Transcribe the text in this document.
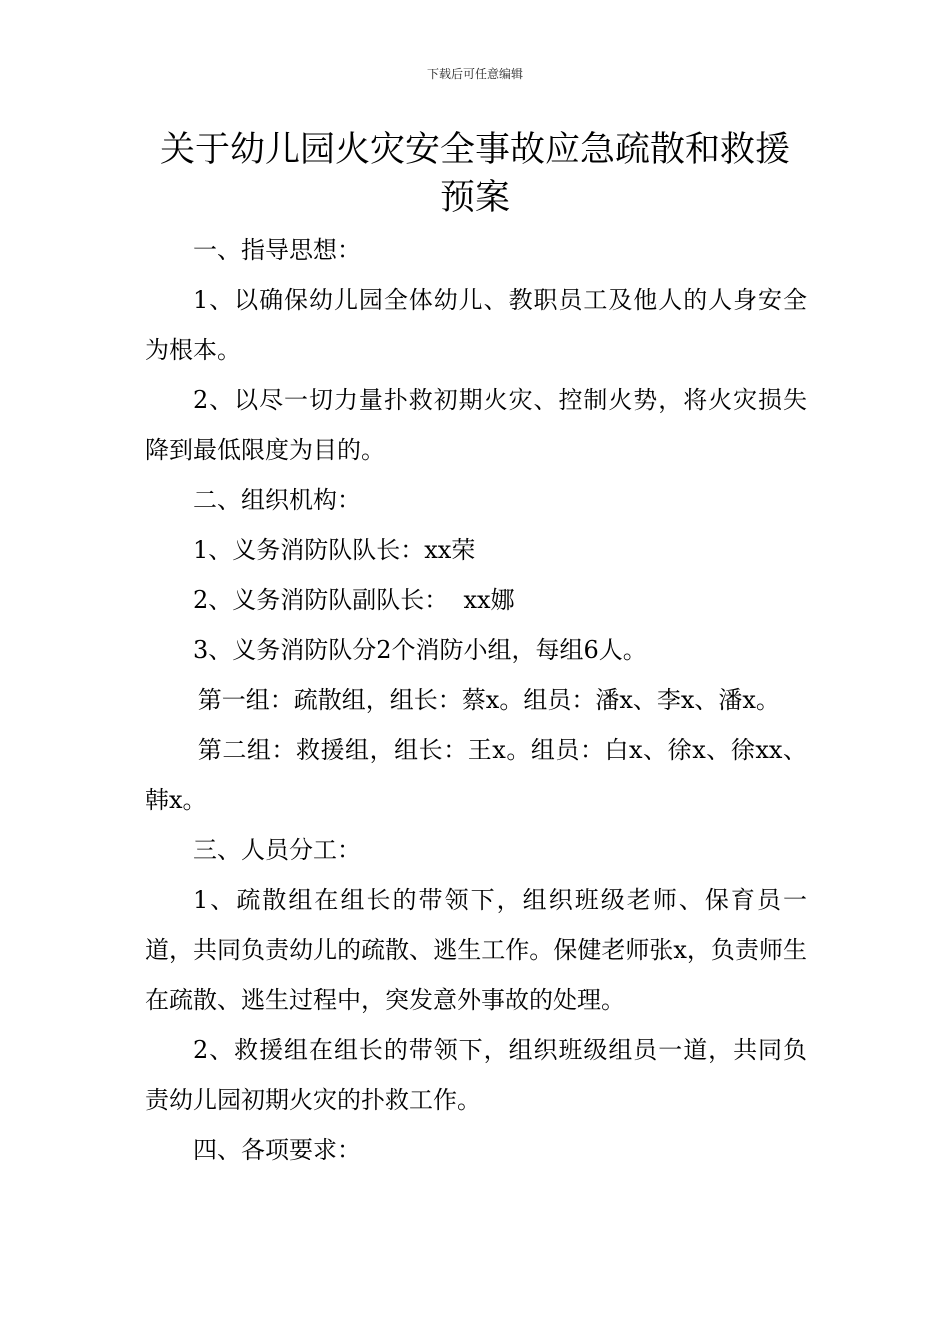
下载后可任意编辑
关于幼儿园火灾安全事故应急疏散和救援
预案

一、指导思想：

1、以确保幼儿园全体幼儿、教职员工及他人的人身安全为根本。

2、以尽一切力量扑救初期火灾、控制火势，将火灾损失降到最低限度为目的。

二、组织机构：

1、义务消防队队长：xx荣

2、义务消防队副队长：  xx娜

3、义务消防队分2个消防小组，每组6人。

第一组：疏散组，组长：蔡x。组员：潘x、李x、潘x。

第二组：救援组，组长：王x。组员：白x、徐x、徐xx、韩x。

三、人员分工：

1、疏散组在组长的带领下，组织班级老师、保育员一道，共同负责幼儿的疏散、逃生工作。保健老师张x，负责师生在疏散、逃生过程中，突发意外事故的处理。

2、救援组在组长的带领下，组织班级组员一道，共同负责幼儿园初期火灾的扑救工作。

四、各项要求：
